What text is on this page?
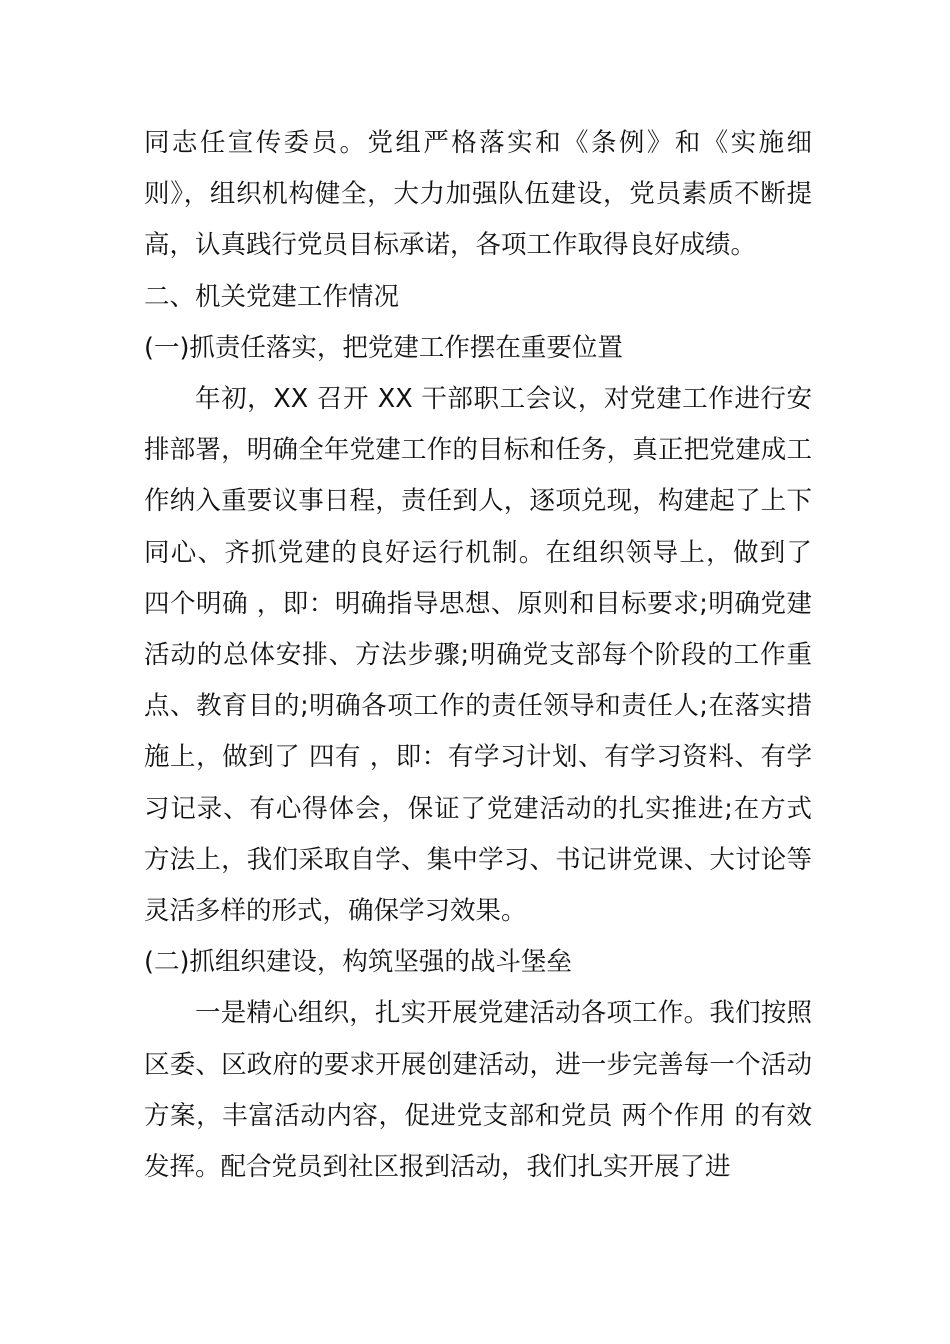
同志任宣传委员。党组严格落实和《条例》和《实施细则》，组织机构健全，大力加强队伍建设，党员素质不断提高，认真践行党员目标承诺，各项工作取得良好成绩。

二、机关党建工作情况

(一)抓责任落实，把党建工作摆在重要位置

年初，XX 召开 XX 干部职工会议，对党建工作进行安排部署，明确全年党建工作的目标和任务，真正把党建成工作纳入重要议事日程，责任到人，逐项兑现，构建起了上下同心、齐抓党建的良好运行机制。在组织领导上，做到了 四个明确 ，即：明确指导思想、原则和目标要求;明确党建活动的总体安排、方法步骤;明确党支部每个阶段的工作重点、教育目的;明确各项工作的责任领导和责任人;在落实措施上，做到了 四有 ，即：有学习计划、有学习资料、有学习记录、有心得体会，保证了党建活动的扎实推进;在方式方法上，我们采取自学、集中学习、书记讲党课、大讨论等灵活多样的形式，确保学习效果。

(二)抓组织建设，构筑坚强的战斗堡垒

一是精心组织，扎实开展党建活动各项工作。我们按照区委、区政府的要求开展创建活动，进一步完善每一个活动方案，丰富活动内容，促进党支部和党员 两个作用 的有效发挥。配合党员到社区报到活动，我们扎实开展了进
